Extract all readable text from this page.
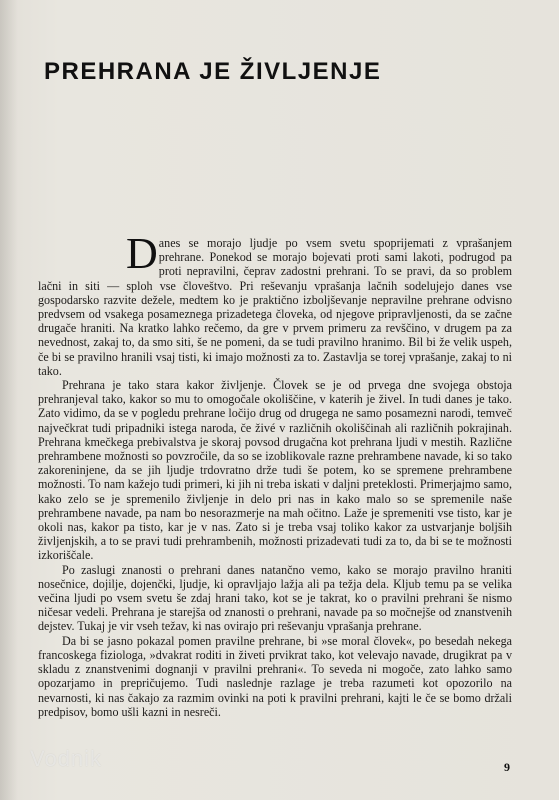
PREHRANA JE ŽIVLJENJE

Danes se morajo ljudje po vsem svetu spoprijemati z vprašanjem prehrane. Ponekod se morajo bojevati proti sami lakoti, podrugod pa proti nepravilni, čeprav zadostni prehrani. To se pravi, da so problem lačni in siti — sploh vse človeštvo. Pri reševanju vprašanja lačnih sodelujejo danes vse gospodarsko razvite dežele, medtem ko je praktično izboljševanje nepravilne prehrane odvisno predvsem od vsakega posameznega prizadetega človeka, od njegove pripravljenosti, da se začne drugače hraniti. Na kratko lahko rečemo, da gre v prvem primeru za revščino, v drugem pa za nevednost, zakaj to, da smo siti, še ne pomeni, da se tudi pravilno hranimo. Bil bi že velik uspeh, če bi se pravilno hranili vsaj tisti, ki imajo možnosti za to. Zastavlja se torej vprašanje, zakaj to ni tako.

Prehrana je tako stara kakor življenje. Človek se je od prvega dne svojega obstoja prehranjeval tako, kakor so mu to omogočale okoliščine, v katerih je živel. In tudi danes je tako. Zato vidimo, da se v pogledu prehrane ločijo drug od drugega ne samo posamezni narodi, temveč največkrat tudi pripadniki istega naroda, če živé v različnih okoliščinah ali različnih pokrajinah. Prehrana kmečkega prebivalstva je skoraj povsod drugačna kot prehrana ljudi v mestih. Različne prehrambene možnosti so povzročile, da so se izoblikovale razne prehrambene navade, ki so tako zakoreninjene, da se jih ljudje trdovratno drže tudi še potem, ko se spremene prehrambene možnosti. To nam kažejo tudi primeri, ki jih ni treba iskati v daljni preteklosti. Primerjajmo samo, kako zelo se je spremenilo življenje in delo pri nas in kako malo so se spremenile naše prehrambene navade, pa nam bo nesorazmerje na mah očitno. Laže je spremeniti vse tisto, kar je okoli nas, kakor pa tisto, kar je v nas. Zato si je treba vsaj toliko kakor za ustvarjanje boljših življenjskih, a to se pravi tudi prehrambenih, možnosti prizadevati tudi za to, da bi se te možnosti izkoriščale.

Po zaslugi znanosti o prehrani danes natančno vemo, kako se morajo pravilno hraniti nosečnice, dojilje, dojenčki, ljudje, ki opravljajo lažja ali pa težja dela. Kljub temu pa se velika večina ljudi po vsem svetu še zdaj hrani tako, kot se je takrat, ko o pravilni prehrani še nismo ničesar vedeli. Prehrana je starejša od znanosti o prehrani, navade pa so močnejše od znanstvenih dejstev. Tukaj je vir vseh težav, ki nas ovirajo pri reševanju vprašanja prehrane.

Da bi se jasno pokazal pomen pravilne prehrane, bi »se moral človek«, po besedah nekega francoskega fiziologa, »dvakrat roditi in živeti prvikrat tako, kot velevajo navade, drugikrat pa v skladu z znanstvenimi dognanji v pravilni prehrani«. To seveda ni mogoče, zato lahko samo opozarjamo in prepričujemo. Tudi naslednje razlage je treba razumeti kot opozorilo na nevarnosti, ki nas čakajo za razmim ovinki na poti k pravilni prehrani, kajti le če se bomo držali predpisov, bomo ušli kazni in nesreči.

Vodnik	9
